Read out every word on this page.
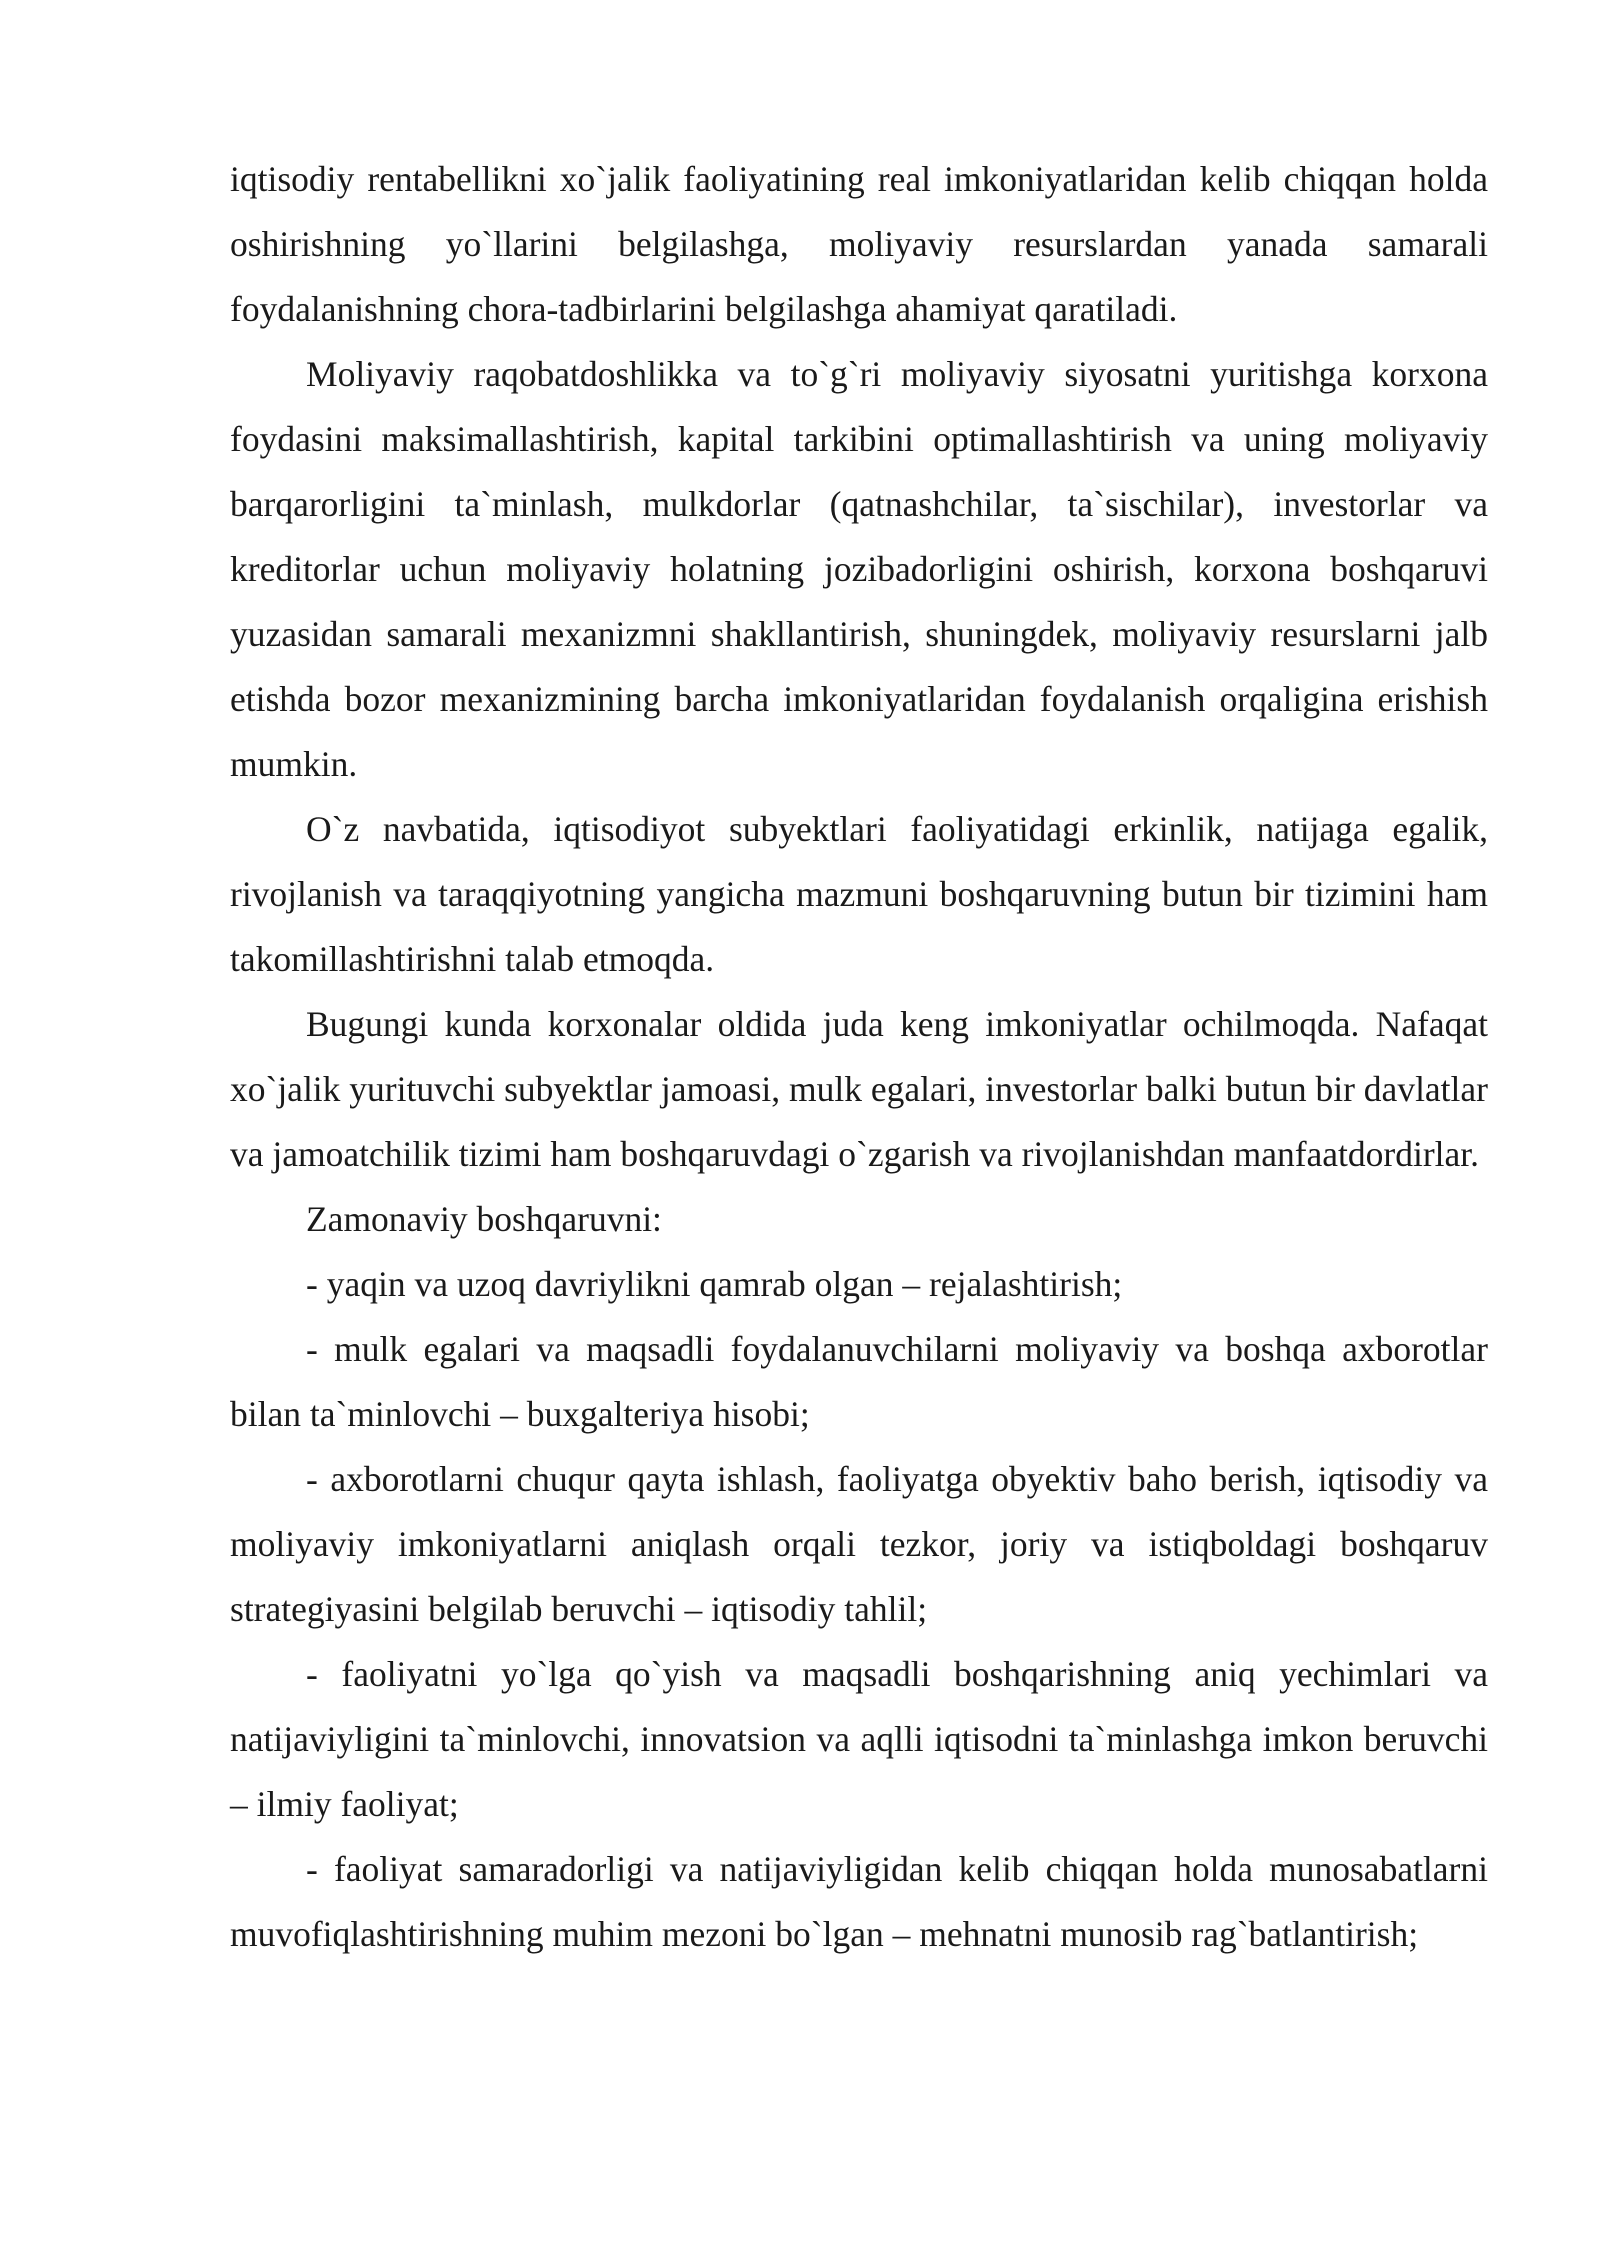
iqtisodiy rentabellikni xo`jalik faoliyatining real imkoniyatlaridan kelib chiqqan holda oshirishning yo`llarini belgilashga, moliyaviy resurslardan yanada samarali foydalanishning chora-tadbirlarini belgilashga ahamiyat qaratiladi.

Moliyaviy raqobatdoshlikka va to`g`ri moliyaviy siyosatni yuritishga korxona foydasini maksimallashtirish, kapital tarkibini optimallashtirish va uning moliyaviy barqarorligini ta`minlash, mulkdorlar (qatnashchilar, ta`sischilar), investorlar va kreditorlar uchun moliyaviy holatning jozibadorligini oshirish, korxona boshqaruvi yuzasidan samarali mexanizmni shakllantirish, shuningdek, moliyaviy resurslarni jalb etishda bozor mexanizmining barcha imkoniyatlaridan foydalanish orqaligina erishish mumkin.

O`z navbatida, iqtisodiyot subyektlari faoliyatidagi erkinlik, natijaga egalik, rivojlanish va taraqqiyotning yangicha mazmuni boshqaruvning butun bir tizimini ham takomillashtirishni talab etmoqda.

Bugungi kunda korxonalar oldida juda keng imkoniyatlar ochilmoqda. Nafaqat xo`jalik yurituvchi subyektlar jamoasi, mulk egalari, investorlar balki butun bir davlatlar va jamoatchilik tizimi ham boshqaruvdagi o`zgarish va rivojlanishdan manfaatdordirlar.

Zamonaviy boshqaruvni:

- yaqin va uzoq davriylikni qamrab olgan – rejalashtirish;

- mulk egalari va maqsadli foydalanuvchilarni moliyaviy va boshqa axborotlar bilan ta`minlovchi – buxgalteriya hisobi;

- axborotlarni chuqur qayta ishlash, faoliyatga obyektiv baho berish, iqtisodiy va moliyaviy imkoniyatlarni aniqlash orqali tezkor, joriy va istiqboldagi boshqaruv strategiyasini belgilab beruvchi – iqtisodiy tahlil;

- faoliyatni yo`lga qo`yish va maqsadli boshqarishning aniq yechimlari va natijaviyligini ta`minlovchi, innovatsion va aqlli iqtisodni ta`minlashga imkon beruvchi – ilmiy faoliyat;

- faoliyat samaradorligi va natijaviyligidan kelib chiqqan holda munosabatlarni muvofiqlashtirishning muhim mezoni bo`lgan – mehnatni munosib rag`batlantirish;
